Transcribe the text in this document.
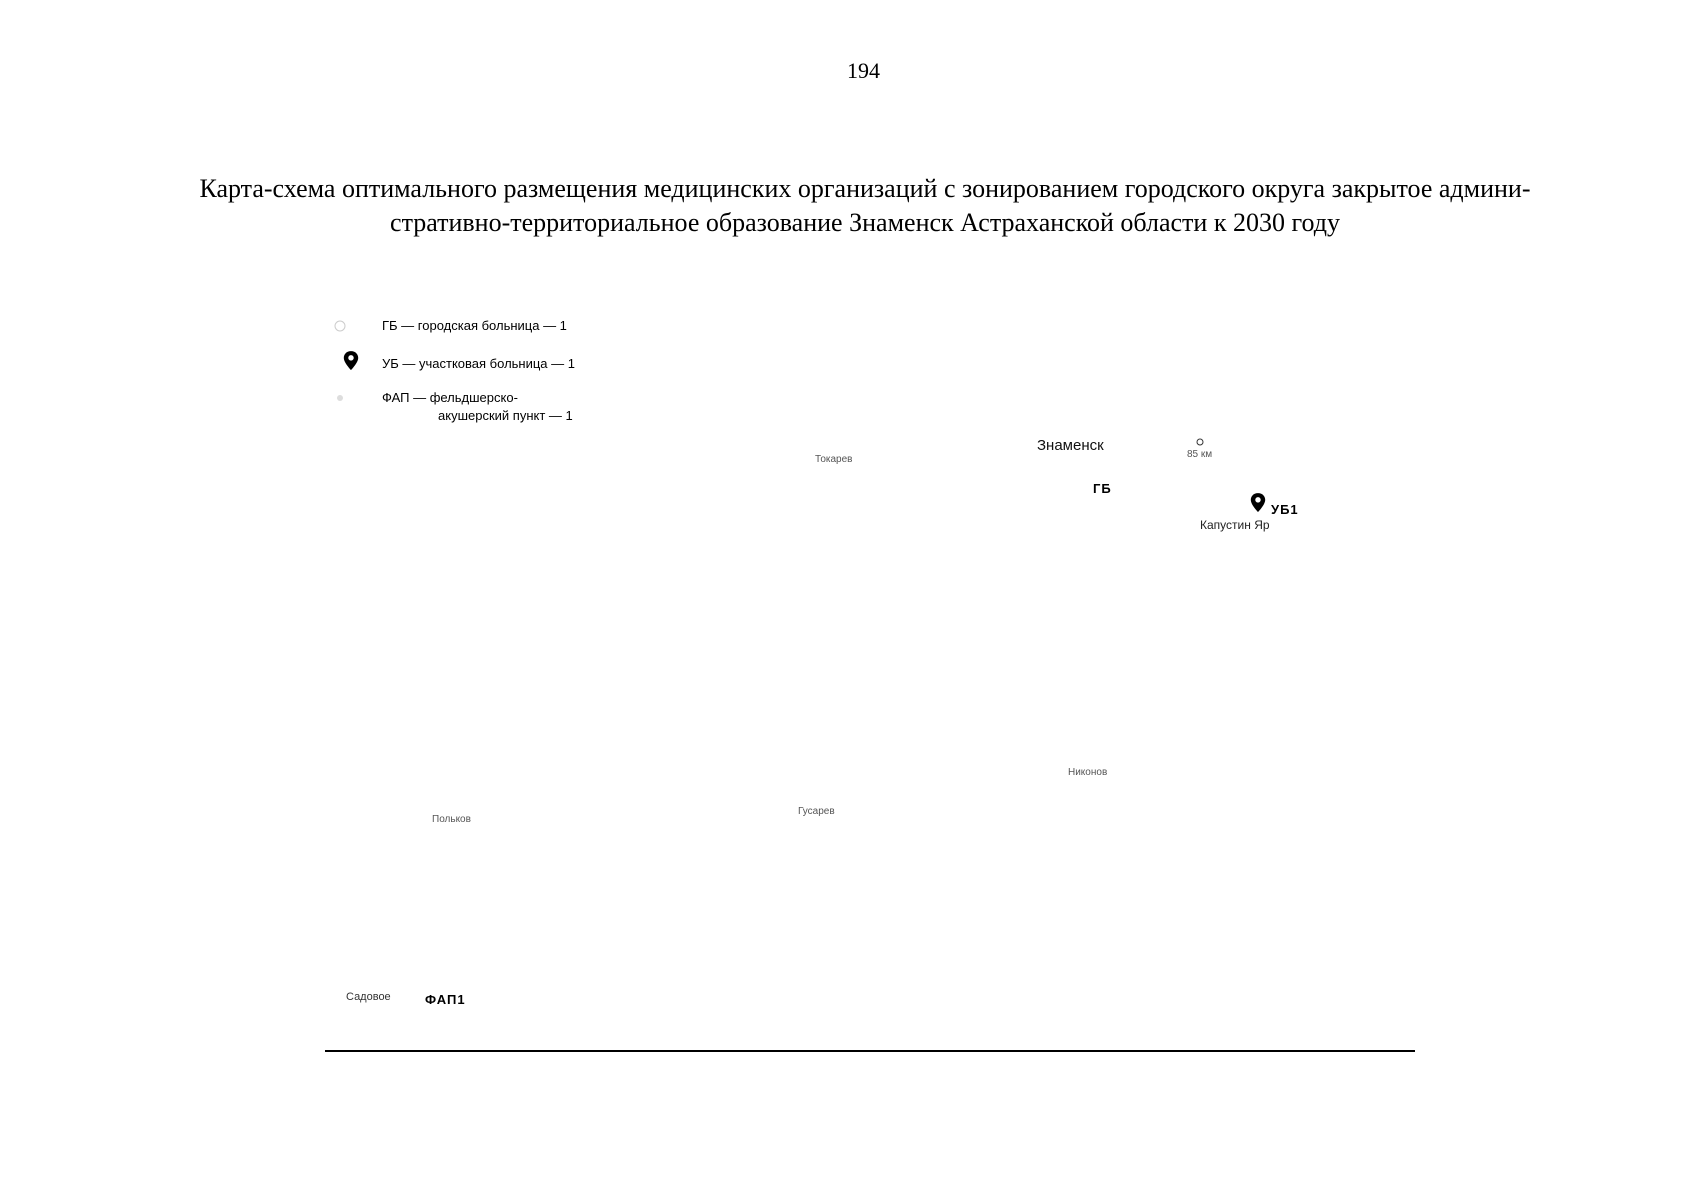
194
Карта-схема оптимального размещения медицинских организаций с зонированием городского округа закрытое админи-
стративно-территориальное образование Знаменск Астраханской области к 2030 году
ГБ — городская больница — 1
УБ — участковая больница — 1
ФАП — фельдшерско-
акушерский пункт — 1
Токарев
Знаменск
Капустин Яр
85 км
Никонов
Гусарев
Польков
Садовое
ГБ
УБ1
ФАП1
